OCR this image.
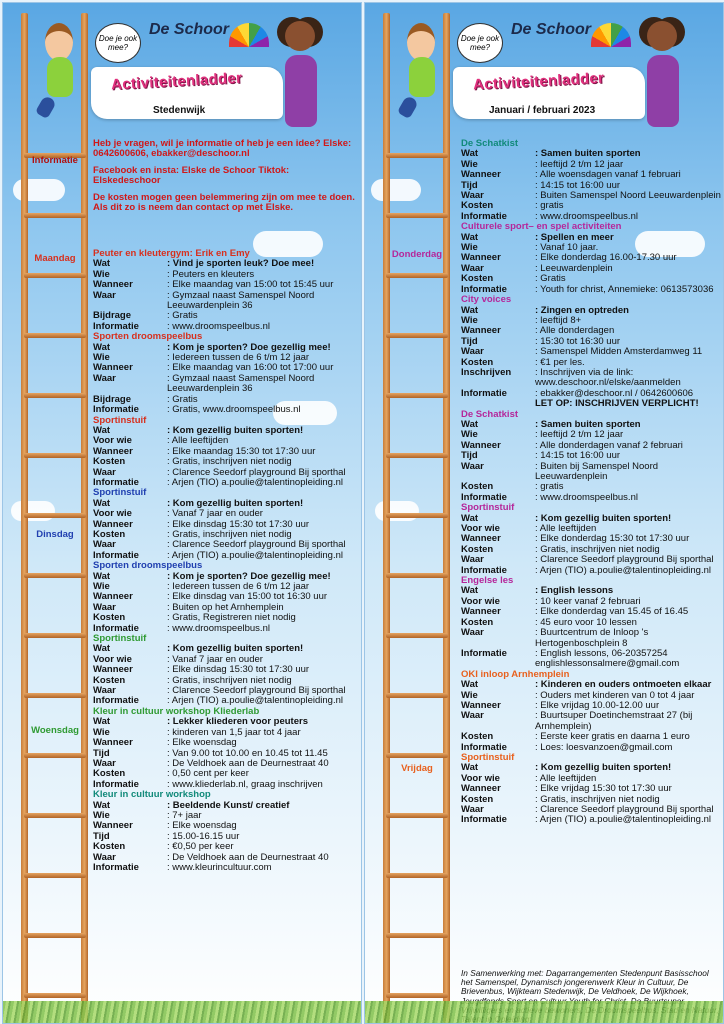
Doe je ook mee?
De Schoor
Activiteitenladder
Stedenwijk
Informatie
Maandag
Dinsdag
Woensdag
Heb je vragen, wil je informatie of heb je een idee? Elske: 0642600606, ebakker@deschoor.nl
Facebook en insta: Elske de Schoor Tiktok: Elskedeschoor
De kosten mogen geen belemmering zijn om mee te doen. Als dit zo is neem dan contact op met Elske.
Peuter en kleutergym: Erik en Emy
Wat	: Vind je sporten leuk? Doe mee!
Wie	: Peuters en kleuters
Wanneer	: Elke maandag van 15:00 tot 15:45 uur
Waar	: Gymzaal naast Samenspel Noord Leeuwardenplein 36
Bijdrage	: Gratis
Informatie	: www.droomspeelbus.nl
Sporten droomspeelbus
Wat	: Kom je sporten? Doe gezellig mee!
Wie	: Iedereen tussen de 6 t/m 12 jaar
Wanneer	: Elke maandag van 16:00 tot 17:00 uur
Waar	: Gymzaal naast Samenspel Noord Leeuwardenplein 36
Bijdrage	: Gratis
Informatie	: Gratis, www.droomspeelbus.nl
Sportinstuif
Wat	: Kom gezellig buiten sporten!
Voor wie	: Alle leeftijden
Wanneer	: Elke maandag 15:30 tot 17:30 uur
Kosten	: Gratis, inschrijven niet nodig
Waar	: Clarence Seedorf playground Bij sporthal
Informatie	: Arjen (TIO) a.poulie@talentinopleiding.nl
Sportinstuif
Wat	: Kom gezellig buiten sporten!
Voor wie	: Vanaf 7 jaar en ouder
Wanneer	: Elke dinsdag 15:30 tot 17:30 uur
Kosten	: Gratis, inschrijven niet nodig
Waar	: Clarence Seedorf playground Bij sporthal
Informatie	: Arjen (TIO) a.poulie@talentinopleiding.nl
Sporten droomspeelbus
Wat	: Kom je sporten? Doe gezellig mee!
Wie	: Iedereen tussen de 6 t/m 12 jaar
Wanneer	: Elke dinsdag van 15:00 tot 16:30 uur
Waar	: Buiten op het Arnhemplein
Kosten	: Gratis, Registreren niet nodig
Informatie	: www.droomspeelbus.nl
Sportinstuif
Wat	: Kom gezellig buiten sporten!
Voor wie	: Vanaf 7 jaar en ouder
Wanneer	: Elke dinsdag 15:30 tot 17:30 uur
Kosten	: Gratis, inschrijven niet nodig
Waar	: Clarence Seedorf playground Bij sporthal
Informatie	: Arjen (TIO) a.poulie@talentinopleiding.nl
Kleur in cultuur workshop Kliederlab
Wat	: Lekker kliederen voor peuters
Wie	: kinderen van 1,5 jaar tot 4 jaar
Wanneer	: Elke woensdag
Tijd	: Van 9.00 tot 10.00 en 10.45 tot 11.45
Waar	: De Veldhoek aan de Deurnestraat 40
Kosten	: 0,50 cent per keer
Informatie	: www.kliederlab.nl, graag inschrijven
Kleur in cultuur workshop
Wat	: Beeldende Kunst/ creatief
Wie	: 7+ jaar
Wanneer	: Elke woensdag
Tijd	: 15.00-16.15 uur
Kosten	: €0,50 per keer
Waar	: De Veldhoek aan de Deurnestraat 40
Informatie	: www.kleurincultuur.com
Doe je ook mee?
De Schoor
Activiteitenladder
Januari / februari 2023
Donderdag
Vrijdag
De Schatkist
Wat	: Samen buiten sporten
Wie	: leeftijd 2 t/m 12 jaar
Wanneer	: Alle woensdagen vanaf 1 februari
Tijd	: 14:15 tot 16:00 uur
Waar	: Buiten Samenspel Noord Leeuwardenplein
Kosten	: gratis
Informatie	: www.droomspeelbus.nl
Culturele sport– en spel activiteiten
Wat	: Spellen en meer
Wie	: Vanaf 10 jaar.
Wanneer	: Elke donderdag 16.00-17.30 uur
Waar	: Leeuwardenplein
Kosten	: Gratis
Informatie	: Youth for christ, Annemieke: 0613573036
City voices
Wat	: Zingen en optreden
Wie	: leeftijd 8+
Wanneer	: Alle donderdagen
Tijd	: 15:30 tot 16:30 uur
Waar	: Samenspel Midden Amsterdamweg 11
Kosten	: €1 per les.
Inschrijven	: Inschrijven via de link: www.deschoor.nl/elske/aanmelden
Informatie	: ebakker@deschoor.nl / 0642600606
LET OP: INSCHRIJVEN VERPLICHT!
De Schatkist
Wat	: Samen buiten sporten
Wie	: leeftijd 2 t/m 12 jaar
Wanneer	: Alle donderdagen vanaf 2 februari
Tijd	: 14:15 tot 16:00 uur
Waar	: Buiten bij Samenspel Noord Leeuwardenplein
Kosten	: gratis
Informatie	: www.droomspeelbus.nl
Sportinstuif
Wat	: Kom gezellig buiten sporten!
Voor wie	: Alle leeftijden
Wanneer	: Elke donderdag 15:30 tot 17:30 uur
Kosten	: Gratis, inschrijven niet nodig
Waar	: Clarence Seedorf playground Bij sporthal
Informatie	: Arjen (TIO) a.poulie@talentinopleiding.nl
Engelse les
Wat	: English lessons
Voor wie	: 10 keer vanaf 2 februari
Wanneer	: Elke donderdag van 15.45 of 16.45
Kosten	: 45 euro voor 10 lessen
Waar	: Buurtcentrum de Inloop 's Hertogenboschplein 8
Informatie	: English lessons, 06-20357254 englishlessonsalmere@gmail.com
OKI inloop Arnhemplein
Wat	: Kinderen en ouders ontmoeten elkaar
Wie	: Ouders met kinderen van 0 tot 4 jaar
Wanneer	: Elke vrijdag 10.00-12.00 uur
Waar	: Buurtsuper Doetinchemstraat 27 (bij Arnhemplein)
Kosten	: Eerste keer gratis en daarna 1 euro
Informatie	: Loes: loesvanzoen@gmail.com
Sportinstuif
Wat	: Kom gezellig buiten sporten!
Voor wie	: Alle leeftijden
Wanneer	: Elke vrijdag 15:30 tot 17:30 uur
Kosten	: Gratis, inschrijven niet nodig
Waar	: Clarence Seedorf playground Bij sporthal
Informatie	: Arjen (TIO) a.poulie@talentinopleiding.nl
In Samenwerking met: Dagarrangementen Stedenpunt Basisschool het Samenspel, Dynamisch jongerenwerk Kleur in Cultuur, De Brievenbus, Wijkteam Stedenwijk, De Veldhoek, De Wijkhoek,
